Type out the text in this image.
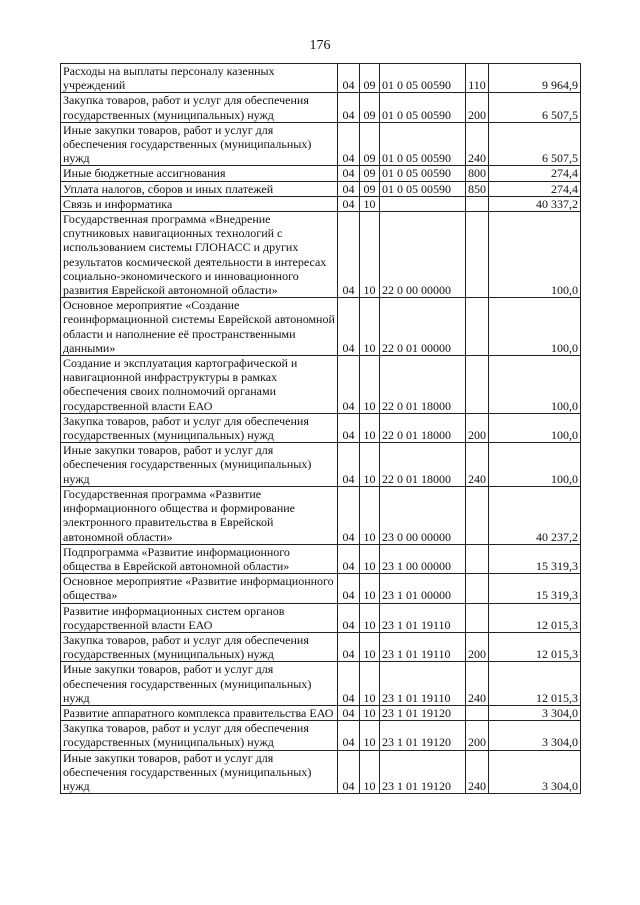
176
Расходы на выплаты персоналу казенных учреждений	04	09	01 0 05 00590	110	9 964,9
Закупка товаров, работ и услуг для обеспечения государственных (муниципальных) нужд	04	09	01 0 05 00590	200	6 507,5
Иные закупки товаров, работ и услуг для обеспечения государственных (муниципальных) нужд	04	09	01 0 05 00590	240	6 507,5
Иные бюджетные ассигнования	04	09	01 0 05 00590	800	274,4
Уплата налогов, сборов и иных платежей	04	09	01 0 05 00590	850	274,4
Связь и информатика	04	10			40 337,2
Государственная программа «Внедрение спутниковых навигационных технологий с использованием системы ГЛОНАСС и других результатов космической деятельности в интересах социально-экономического и инновационного развития Еврейской автономной области»	04	10	22 0 00 00000		100,0
Основное мероприятие «Создание геоинформационной системы Еврейской автономной области и наполнение её пространственными данными»	04	10	22 0 01 00000		100,0
Создание и эксплуатация картографической и навигационной инфраструктуры в рамках обеспечения своих полномочий органами государственной власти ЕАО	04	10	22 0 01 18000		100,0
Закупка товаров, работ и услуг для обеспечения государственных (муниципальных) нужд	04	10	22 0 01 18000	200	100,0
Иные закупки товаров, работ и услуг для обеспечения государственных (муниципальных) нужд	04	10	22 0 01 18000	240	100,0
Государственная программа «Развитие информационного общества и формирование электронного правительства в Еврейской автономной области»	04	10	23 0 00 00000		40 237,2
Подпрограмма «Развитие информационного общества в Еврейской автономной области»	04	10	23 1 00 00000		15 319,3
Основное мероприятие «Развитие информационного общества»	04	10	23 1 01 00000		15 319,3
Развитие информационных систем органов государственной власти ЕАО	04	10	23 1 01 19110		12 015,3
Закупка товаров, работ и услуг для обеспечения государственных (муниципальных) нужд	04	10	23 1 01 19110	200	12 015,3
Иные закупки товаров, работ и услуг для обеспечения государственных (муниципальных) нужд	04	10	23 1 01 19110	240	12 015,3
Развитие аппаратного комплекса правительства ЕАО	04	10	23 1 01 19120		3 304,0
Закупка товаров, работ и услуг для обеспечения государственных (муниципальных) нужд	04	10	23 1 01 19120	200	3 304,0
Иные закупки товаров, работ и услуг для обеспечения государственных (муниципальных) нужд	04	10	23 1 01 19120	240	3 304,0
